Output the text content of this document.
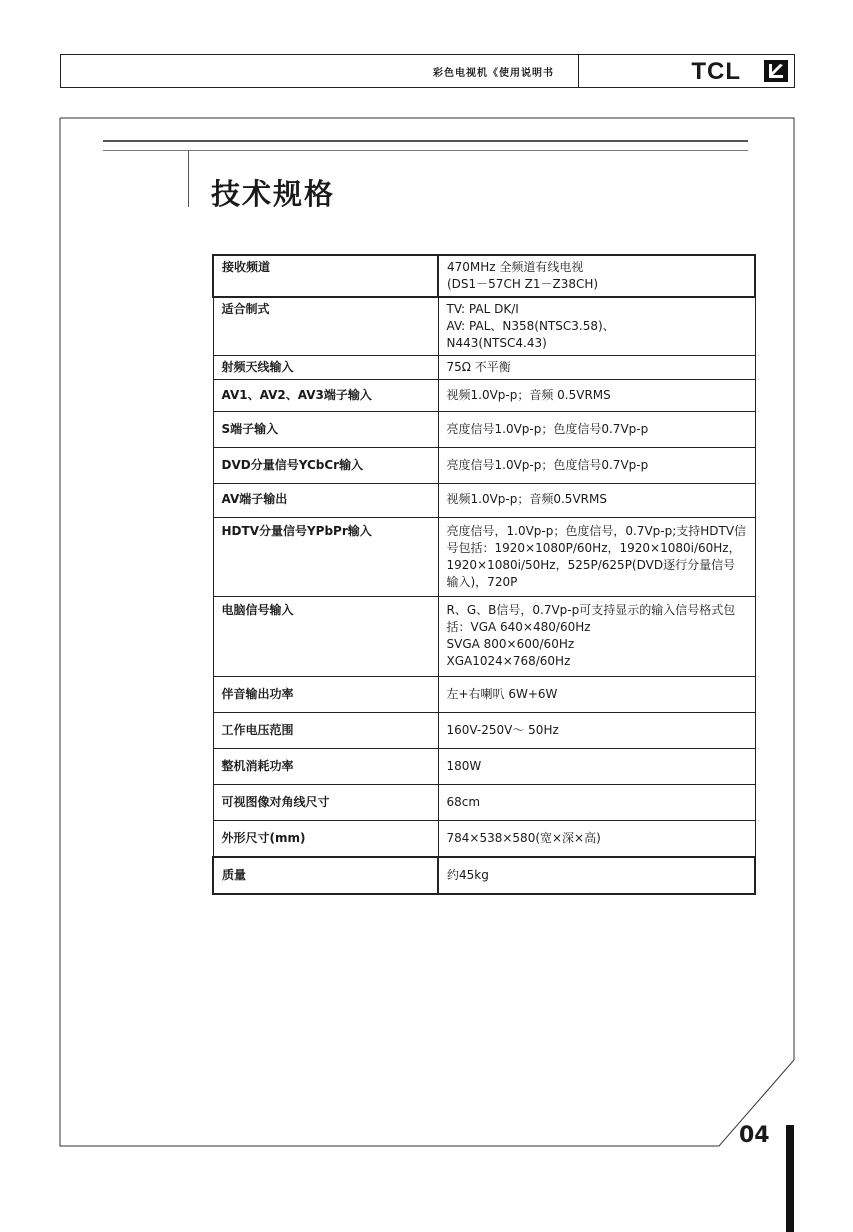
彩色电视机《使用说明书	TCL
技术规格
接收频道	470MHz 全频道有线电视
(DS1－57CH Z1－Z38CH)
适合制式	TV: PAL DK/I
AV: PAL、N358(NTSC3.58)、
N443(NTSC4.43)
射频天线输入	75Ω 不平衡
AV1、AV2、AV3端子输入	视频1.0Vp-p；音频 0.5VRMS
S端子输入	亮度信号1.0Vp-p；色度信号0.7Vp-p
DVD分量信号YCbCr输入	亮度信号1.0Vp-p；色度信号0.7Vp-p
AV端子输出	视频1.0Vp-p；音频0.5VRMS
HDTV分量信号YPbPr输入	亮度信号，1.0Vp-p；色度信号，0.7Vp-p;支持HDTV信号包括：1920×1080P/60Hz，1920×1080i/60Hz，1920×1080i/50Hz，525P/625P(DVD逐行分量信号输入)，720P
电脑信号输入	R、G、B信号，0.7Vp-p可支持显示的输入信号格式包括：VGA 640×480/60Hz
SVGA 800×600/60Hz
XGA1024×768/60Hz
伴音输出功率	左+右喇叭 6W+6W
工作电压范围	160V-250V～ 50Hz
整机消耗功率	180W
可视图像对角线尺寸	68cm
外形尺寸(mm)	784×538×580(宽×深×高)
质量	约45kg
04
